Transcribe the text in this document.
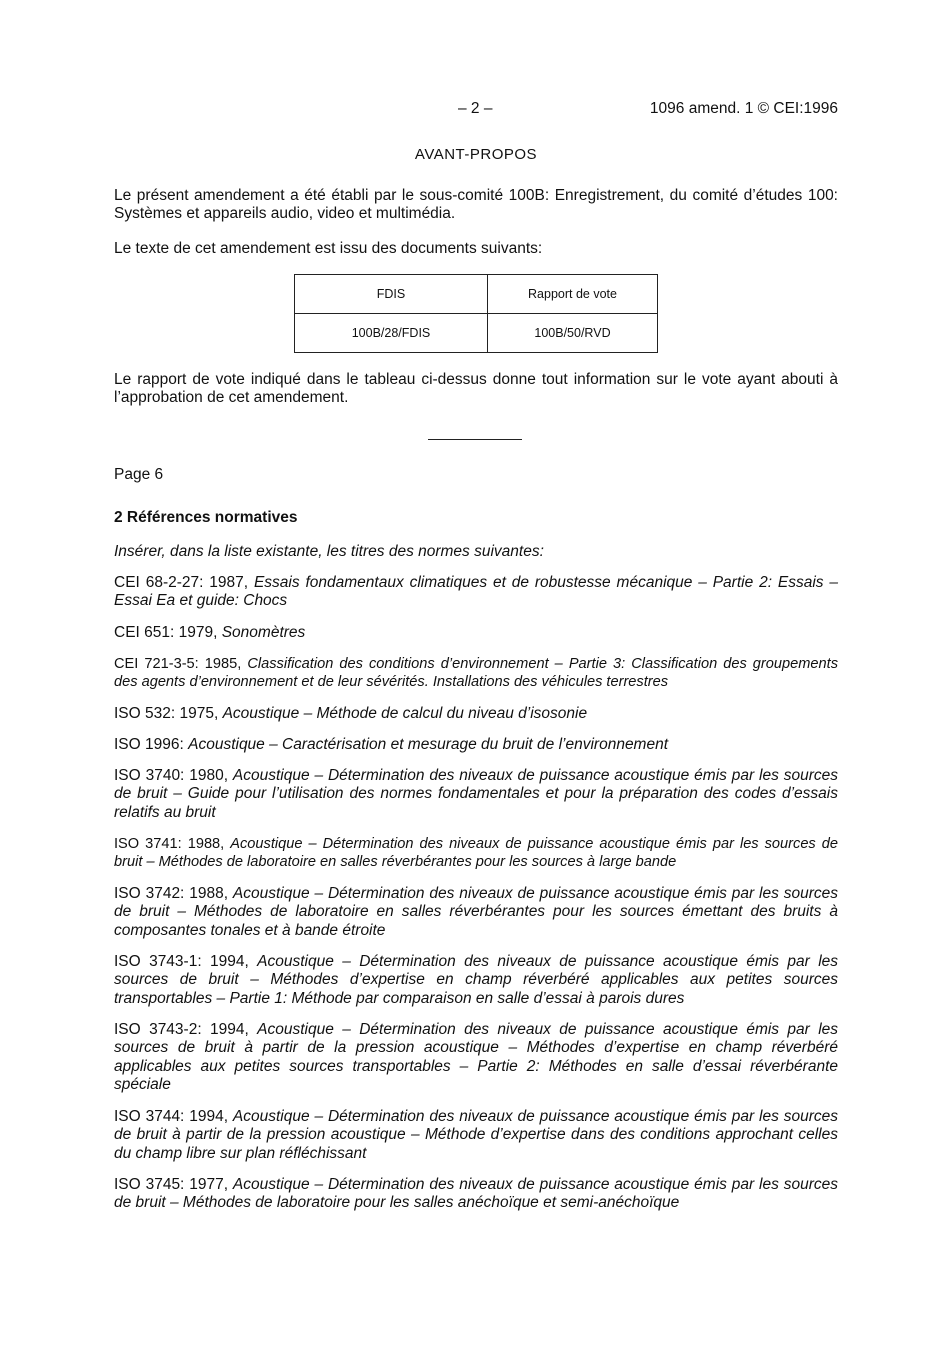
– 2 –	1096 amend. 1 © CEI:1996
AVANT-PROPOS

Le présent amendement a été établi par le sous-comité 100B: Enregistrement, du comité d’études 100: Systèmes et appareils audio, video et multimédia.

Le texte de cet amendement est issu des documents suivants:

FDIS	Rapport de vote
100B/28/FDIS	100B/50/RVD

Le rapport de vote indiqué dans le tableau ci-dessus donne tout information sur le vote ayant abouti à l’approbation de cet amendement.

Page 6

2 Références normatives

Insérer, dans la liste existante, les titres des normes suivantes:

CEI 68-2-27: 1987, Essais fondamentaux climatiques et de robustesse mécanique – Partie 2: Essais – Essai Ea et guide: Chocs

CEI 651: 1979, Sonomètres

CEI 721-3-5: 1985, Classification des conditions d’environnement – Partie 3: Classification des groupements des agents d’environnement et de leur sévérités. Installations des véhicules terrestres

ISO 532: 1975, Acoustique – Méthode de calcul du niveau d’isosonie

ISO 1996: Acoustique – Caractérisation et mesurage du bruit de l’environnement

ISO 3740: 1980, Acoustique – Détermination des niveaux de puissance acoustique émis par les sources de bruit – Guide pour l’utilisation des normes fondamentales et pour la préparation des codes d’essais relatifs au bruit

ISO 3741: 1988, Acoustique – Détermination des niveaux de puissance acoustique émis par les sources de bruit – Méthodes de laboratoire en salles réverbérantes pour les sources à large bande

ISO 3742: 1988, Acoustique – Détermination des niveaux de puissance acoustique émis par les sources de bruit – Méthodes de laboratoire en salles réverbérantes pour les sources émettant des bruits à composantes tonales et à bande étroite

ISO 3743-1: 1994, Acoustique – Détermination des niveaux de puissance acoustique émis par les sources de bruit – Méthodes d’expertise en champ réverbéré applicables aux petites sources transportables – Partie 1: Méthode par comparaison en salle d’essai à parois dures

ISO 3743-2: 1994, Acoustique – Détermination des niveaux de puissance acoustique émis par les sources de bruit à partir de la pression acoustique – Méthodes d’expertise en champ réverbéré applicables aux petites sources transportables – Partie 2: Méthodes en salle d’essai réverbérante spéciale

ISO 3744: 1994, Acoustique – Détermination des niveaux de puissance acoustique émis par les sources de bruit à partir de la pression acoustique – Méthode d’expertise dans des conditions approchant celles du champ libre sur plan réfléchissant

ISO 3745: 1977, Acoustique – Détermination des niveaux de puissance acoustique émis par les sources de bruit – Méthodes de laboratoire pour les salles anéchoïque et semi-anéchoïque
